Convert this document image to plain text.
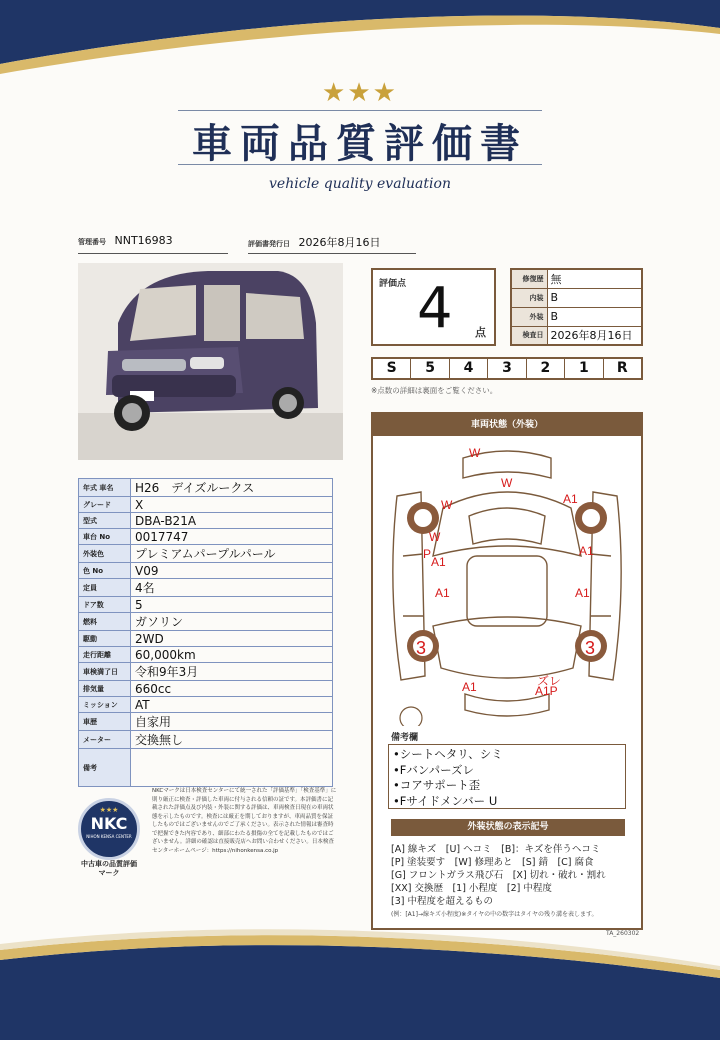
★★★
車両品質評価書
vehicle quality evaluation
管理番号 NNT16983	評価書発行日 2026年8月16日
年式 車名	H26　デイズルークス
グレード	X
型式	DBA-B21A
車台 No	0017747
外装色	プレミアムパープルパール
色 No	V09
定員	4名
ドア数	5
燃料	ガソリン
駆動	2WD
走行距離	60,000km
車検満了日	令和9年3月
排気量	660cc
ミッション	AT
車歴	自家用
メーター	交換無し
備考	
評価点 4 点
修復歴	無
内装	B
外装	B
検査日	2026年8月16日
S	5	4	3	2	1	R
※点数の詳細は裏面をご覧ください。
車両状態（外装）
3	3
W
W
W	A1
W
P
A1
A1
A1	A1
ズレ
A1	A1P
備考欄
•シートヘタリ、シミ
•Fバンパーズレ
•コアサポート歪
•Fサイドメンバー U
外装状態の表示記号
[A] 線キズ　[U] ヘコミ　[B]：キズを伴うヘコミ
[P] 塗装要す　[W] 修理あと　[S] 錆　[C] 腐食
[G] フロントガラス飛び石　[X] 切れ・破れ・割れ
[XX] 交換歴　[1] 小程度　[2] 中程度
[3] 中程度を超えるもの
(例：[A1]→線キズ小程度)※タイヤの中の数字はタイヤの残り溝を表します。
TA_260302
★★★
NKC
NIHON KENSA CENTER
中古車の品質評価マーク
NKCマークは日本検査センターにて統一された「評価基準」「検査基準」に則り厳正に検査・評価した車両に付与される信頼の証です。本評価書に記載された評価点及び内装・外装に関する評価は、車両検査日現在の車両状態を示したものです。検査には厳正を期しておりますが、車両品質を保証したものではございませんのでご了承ください。表示された情報は審査時で把握できた内容であり、細部にわたる損傷の全てを記載したものではございません。詳細の確認は直接販売店へお問い合わせください。日本検査センターホームページ：https://nihonkensa.co.jp
